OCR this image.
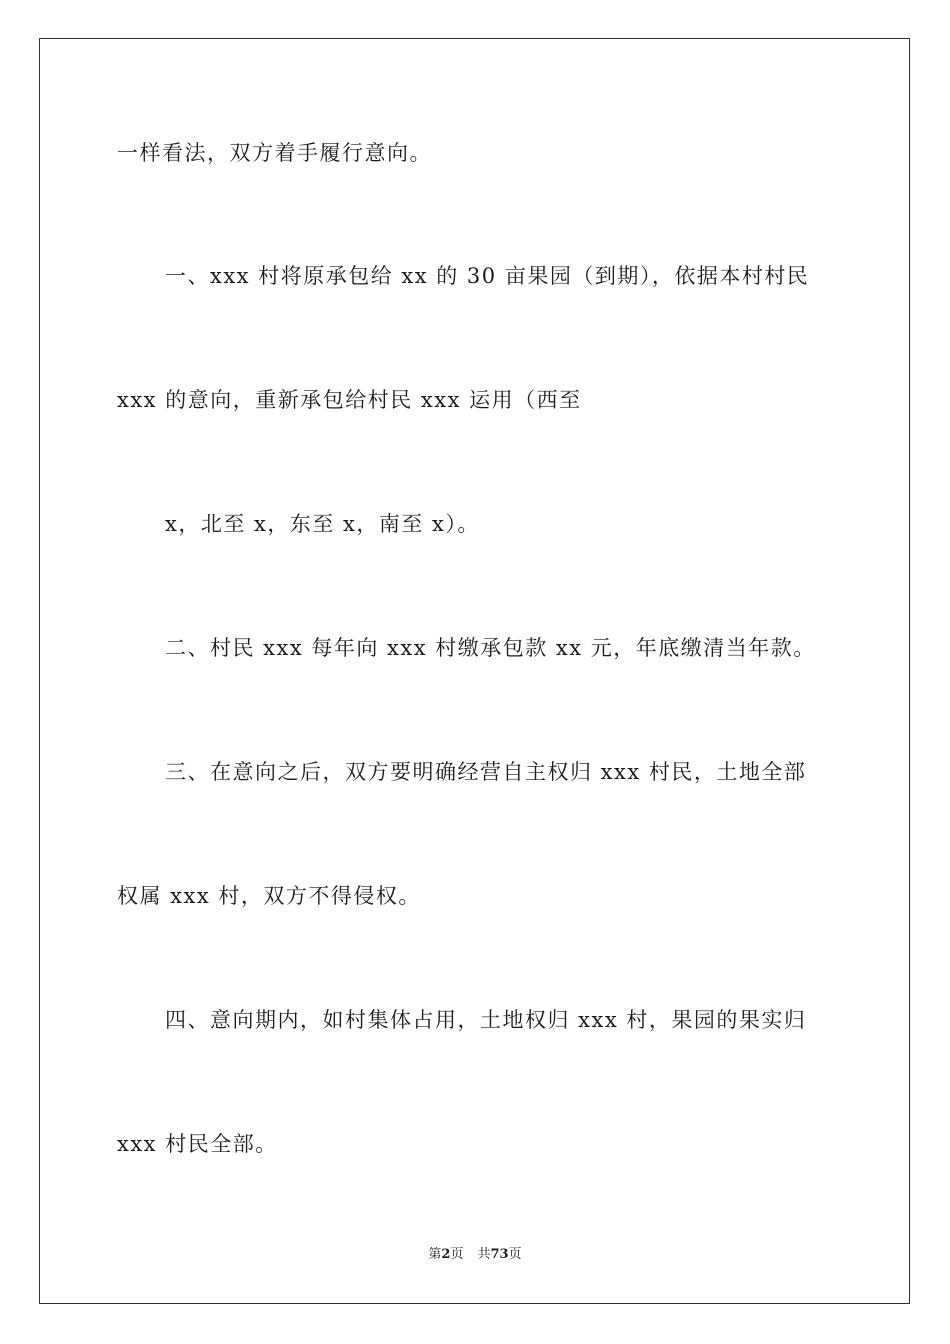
一样看法，双方着手履行意向。
一、xxx 村将原承包给 xx 的 30 亩果园（到期），依据本村村民
xxx 的意向，重新承包给村民 xxx 运用（西至
x，北至 x，东至 x，南至 x）。
二、村民 xxx 每年向 xxx 村缴承包款 xx 元，年底缴清当年款。
三、在意向之后，双方要明确经营自主权归 xxx 村民，土地全部
权属 xxx 村，双方不得侵权。
四、意向期内，如村集体占用，土地权归 xxx 村，果园的果实归
xxx 村民全部。
第2页 共73页
